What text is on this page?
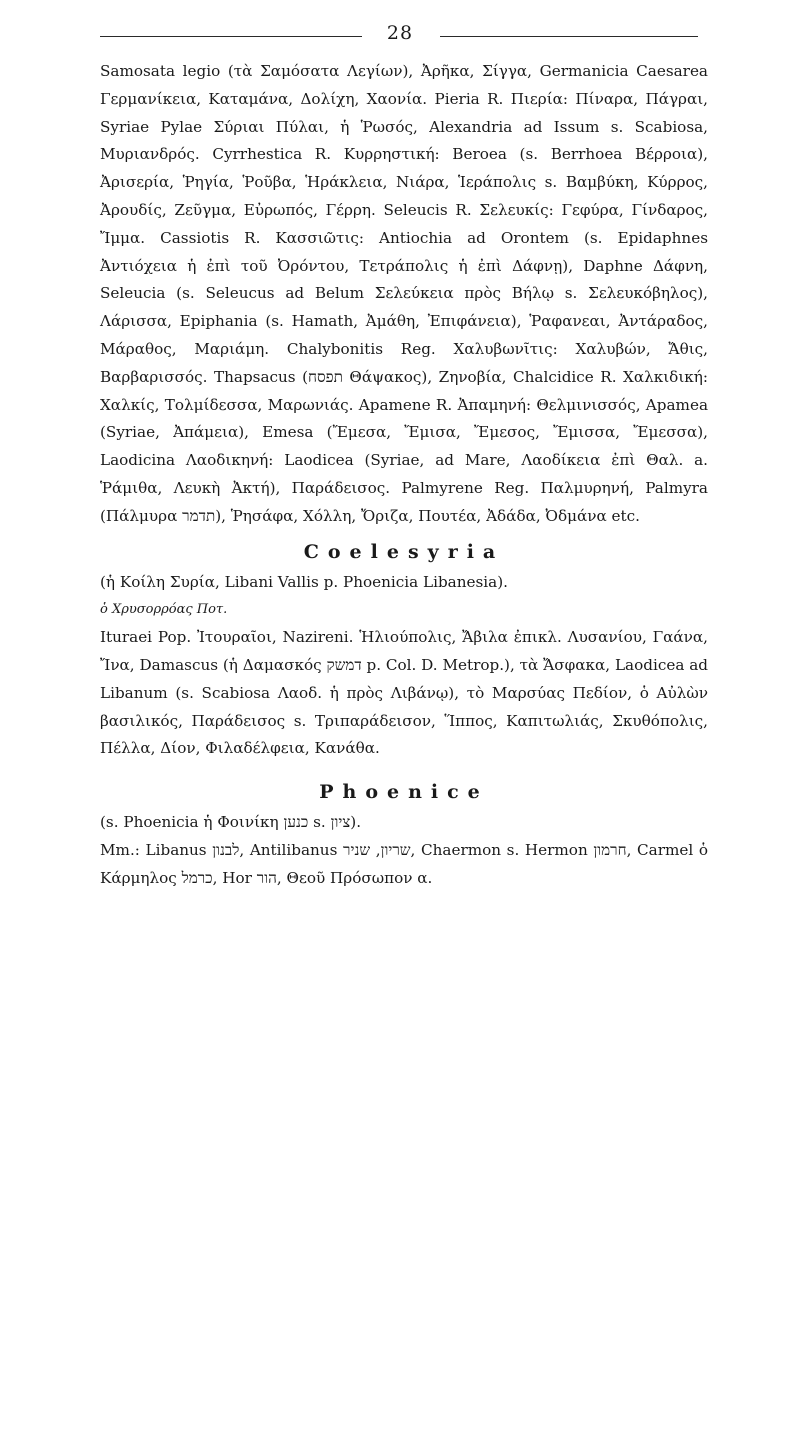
28

Samosata legio (τὰ Σαμόσατα Λεγίων), Ἀρῆκα, Σίγγα, Germanicia Caesarea Γερμανίκεια, Καταμάνα, Δολίχη, Χαονία. Pieria R. Πιερία: Πίναρα, Πάγραι, Syriae Pylae Σύριαι Πύλαι, ἡ Ῥωσός, Alexandria ad Issum s. Scabiosa, Μυριανδρός. Cyrrhestica R. Κυρρηστική: Beroea (s. Berrhoea Βέρροια), Ἀρισερία, Ῥηγία, Ῥοῦβα, Ἡράκλεια, Νιάρα, Ἱεράπολις s. Βαμβύκη, Κύρρος, Ἀρουδίς, Ζεῦγμα, Εὐρωπός, Γέρρη. Seleucis R. Σελευκίς: Γεφύρα, Γίνδαρος, Ἴμμα. Cassiotis R. Κασσιῶτις: Antiochia ad Orontem (s. Epidaphnes Ἀντιόχεια ἡ ἐπὶ τοῦ Ὀρόντου, Τετράπολις ἡ ἐπὶ Δάφνῃ), Daphne Δάφνη, Seleucia (s. Seleucus ad Belum Σελεύκεια πρὸς Βήλῳ s. Σελευκόβηλος), Λάρισσα, Epiphania (s. Hamath, Ἀμάθη, Ἐπιφάνεια), Ῥαφανεαι, Ἀντάραδος, Μάραθος, Μαριάμη. Chalybonitis Reg. Χαλυβωνῖτις: Χαλυβών, Ἄθις, Βαρβαρισσός. Thapsacus (תפסח Θάψακος), Ζηνοβία, Chalcidice R. Χαλκιδική: Χαλκίς, Τολμίδεσσα, Μαρωνιάς. Apamene R. Ἀπαμηνή: Θελμινισσός, Apamea (Syriae, Ἀπάμεια), Emesa (Ἔμεσα, Ἔμισα, Ἔμεσος, Ἔμισσα, Ἔμεσσα), Laodicina Λαοδικηνή: Laodicea (Syriae, ad Mare, Λαοδίκεια ἐπὶ Θαλ. a. Ῥάμιθα, Λευκὴ Ἀκτή), Παράδεισος. Palmyrene Reg. Παλμυρηνή, Palmyra (Πάλμυρα תדמר), Ῥησάφα, Χόλλη, Ὄριζα, Πουτέα, Ἀδάδα, Ὀδμάνα etc.

Coelesyria

(ἡ Κοίλη Συρία, Libani Vallis p. Phoenicia Libanesia).

ὁ Χρυσορρόας Ποτ.

Ituraei Pop. Ἰτουραῖοι, Nazireni. Ἡλιούπολις, Ἄβιλα ἐπικλ. Λυσανίου, Γαάνα, Ἴνα, Damascus (ἡ Δαμασκός דמשק p. Col. D. Metrop.), τὰ Ἄσφακα, Laodicea ad Libanum (s. Scabiosa Λαοδ. ἡ πρὸς Λιβάνῳ), τὸ Μαρσύας Πεδίον, ὁ Αὐλὼν βασιλικός, Παράδεισος s. Τριπαράδεισον, Ἵππος, Καπιτωλιάς, Σκυθόπολις, Πέλλα, Δίον, Φιλαδέλφεια, Κανάθα.

Phoenice

(s. Phoenicia ἡ Φοινίκη כנען s. ציון).

Mm.: Libanus לבנון, Antilibanus שריון, שניר, Chaermon s. Hermon חרמון, Carmel ὁ Κάρμηλος כרמל, Hor הור, Θεοῦ Πρόσωπον α.
